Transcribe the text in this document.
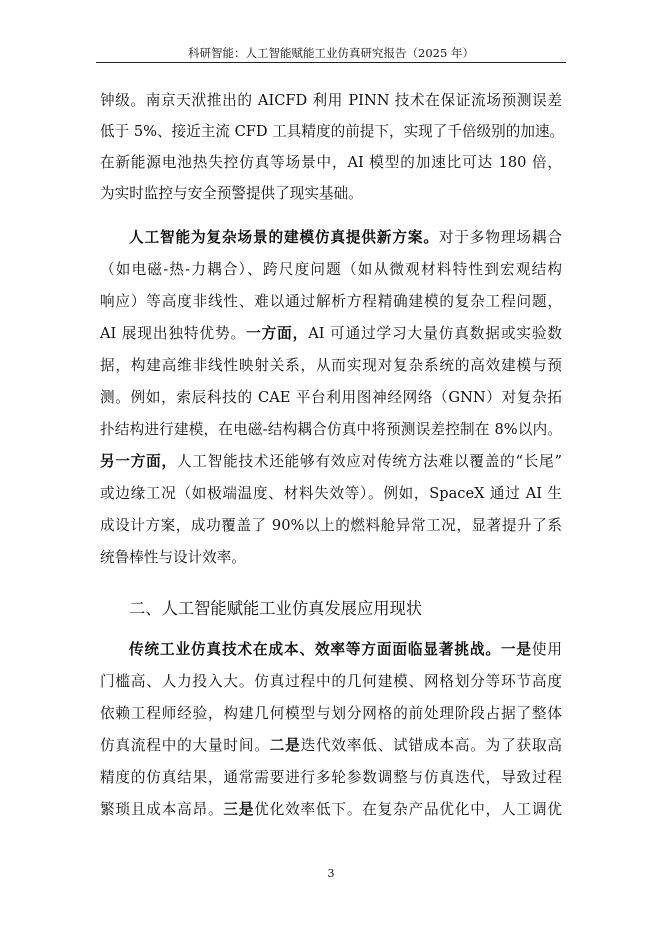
科研智能：人工智能赋能工业仿真研究报告（2025 年）
钟级。南京天洑推出的 AICFD 利用 PINN 技术在保证流场预测误差
低于 5%、接近主流 CFD 工具精度的前提下，实现了千倍级别的加速。
在新能源电池热失控仿真等场景中，AI 模型的加速比可达 180 倍，
为实时监控与安全预警提供了现实基础。
人工智能为复杂场景的建模仿真提供新方案。对于多物理场耦合
（如电磁-热-力耦合）、跨尺度问题（如从微观材料特性到宏观结构
响应）等高度非线性、难以通过解析方程精确建模的复杂工程问题，
AI 展现出独特优势。一方面，AI 可通过学习大量仿真数据或实验数
据，构建高维非线性映射关系，从而实现对复杂系统的高效建模与预
测。例如，索辰科技的 CAE 平台利用图神经网络（GNN）对复杂拓
扑结构进行建模，在电磁-结构耦合仿真中将预测误差控制在 8%以内。
另一方面，人工智能技术还能够有效应对传统方法难以覆盖的“长尾”
或边缘工况（如极端温度、材料失效等）。例如，SpaceX 通过 AI 生
成设计方案，成功覆盖了 90%以上的燃料舱异常工况，显著提升了系
统鲁棒性与设计效率。
二、人工智能赋能工业仿真发展应用现状
传统工业仿真技术在成本、效率等方面面临显著挑战。一是使用
门槛高、人力投入大。仿真过程中的几何建模、网格划分等环节高度
依赖工程师经验，构建几何模型与划分网格的前处理阶段占据了整体
仿真流程中的大量时间。二是迭代效率低、试错成本高。为了获取高
精度的仿真结果，通常需要进行多轮参数调整与仿真迭代，导致过程
繁琐且成本高昂。三是优化效率低下。在复杂产品优化中，人工调优
3
